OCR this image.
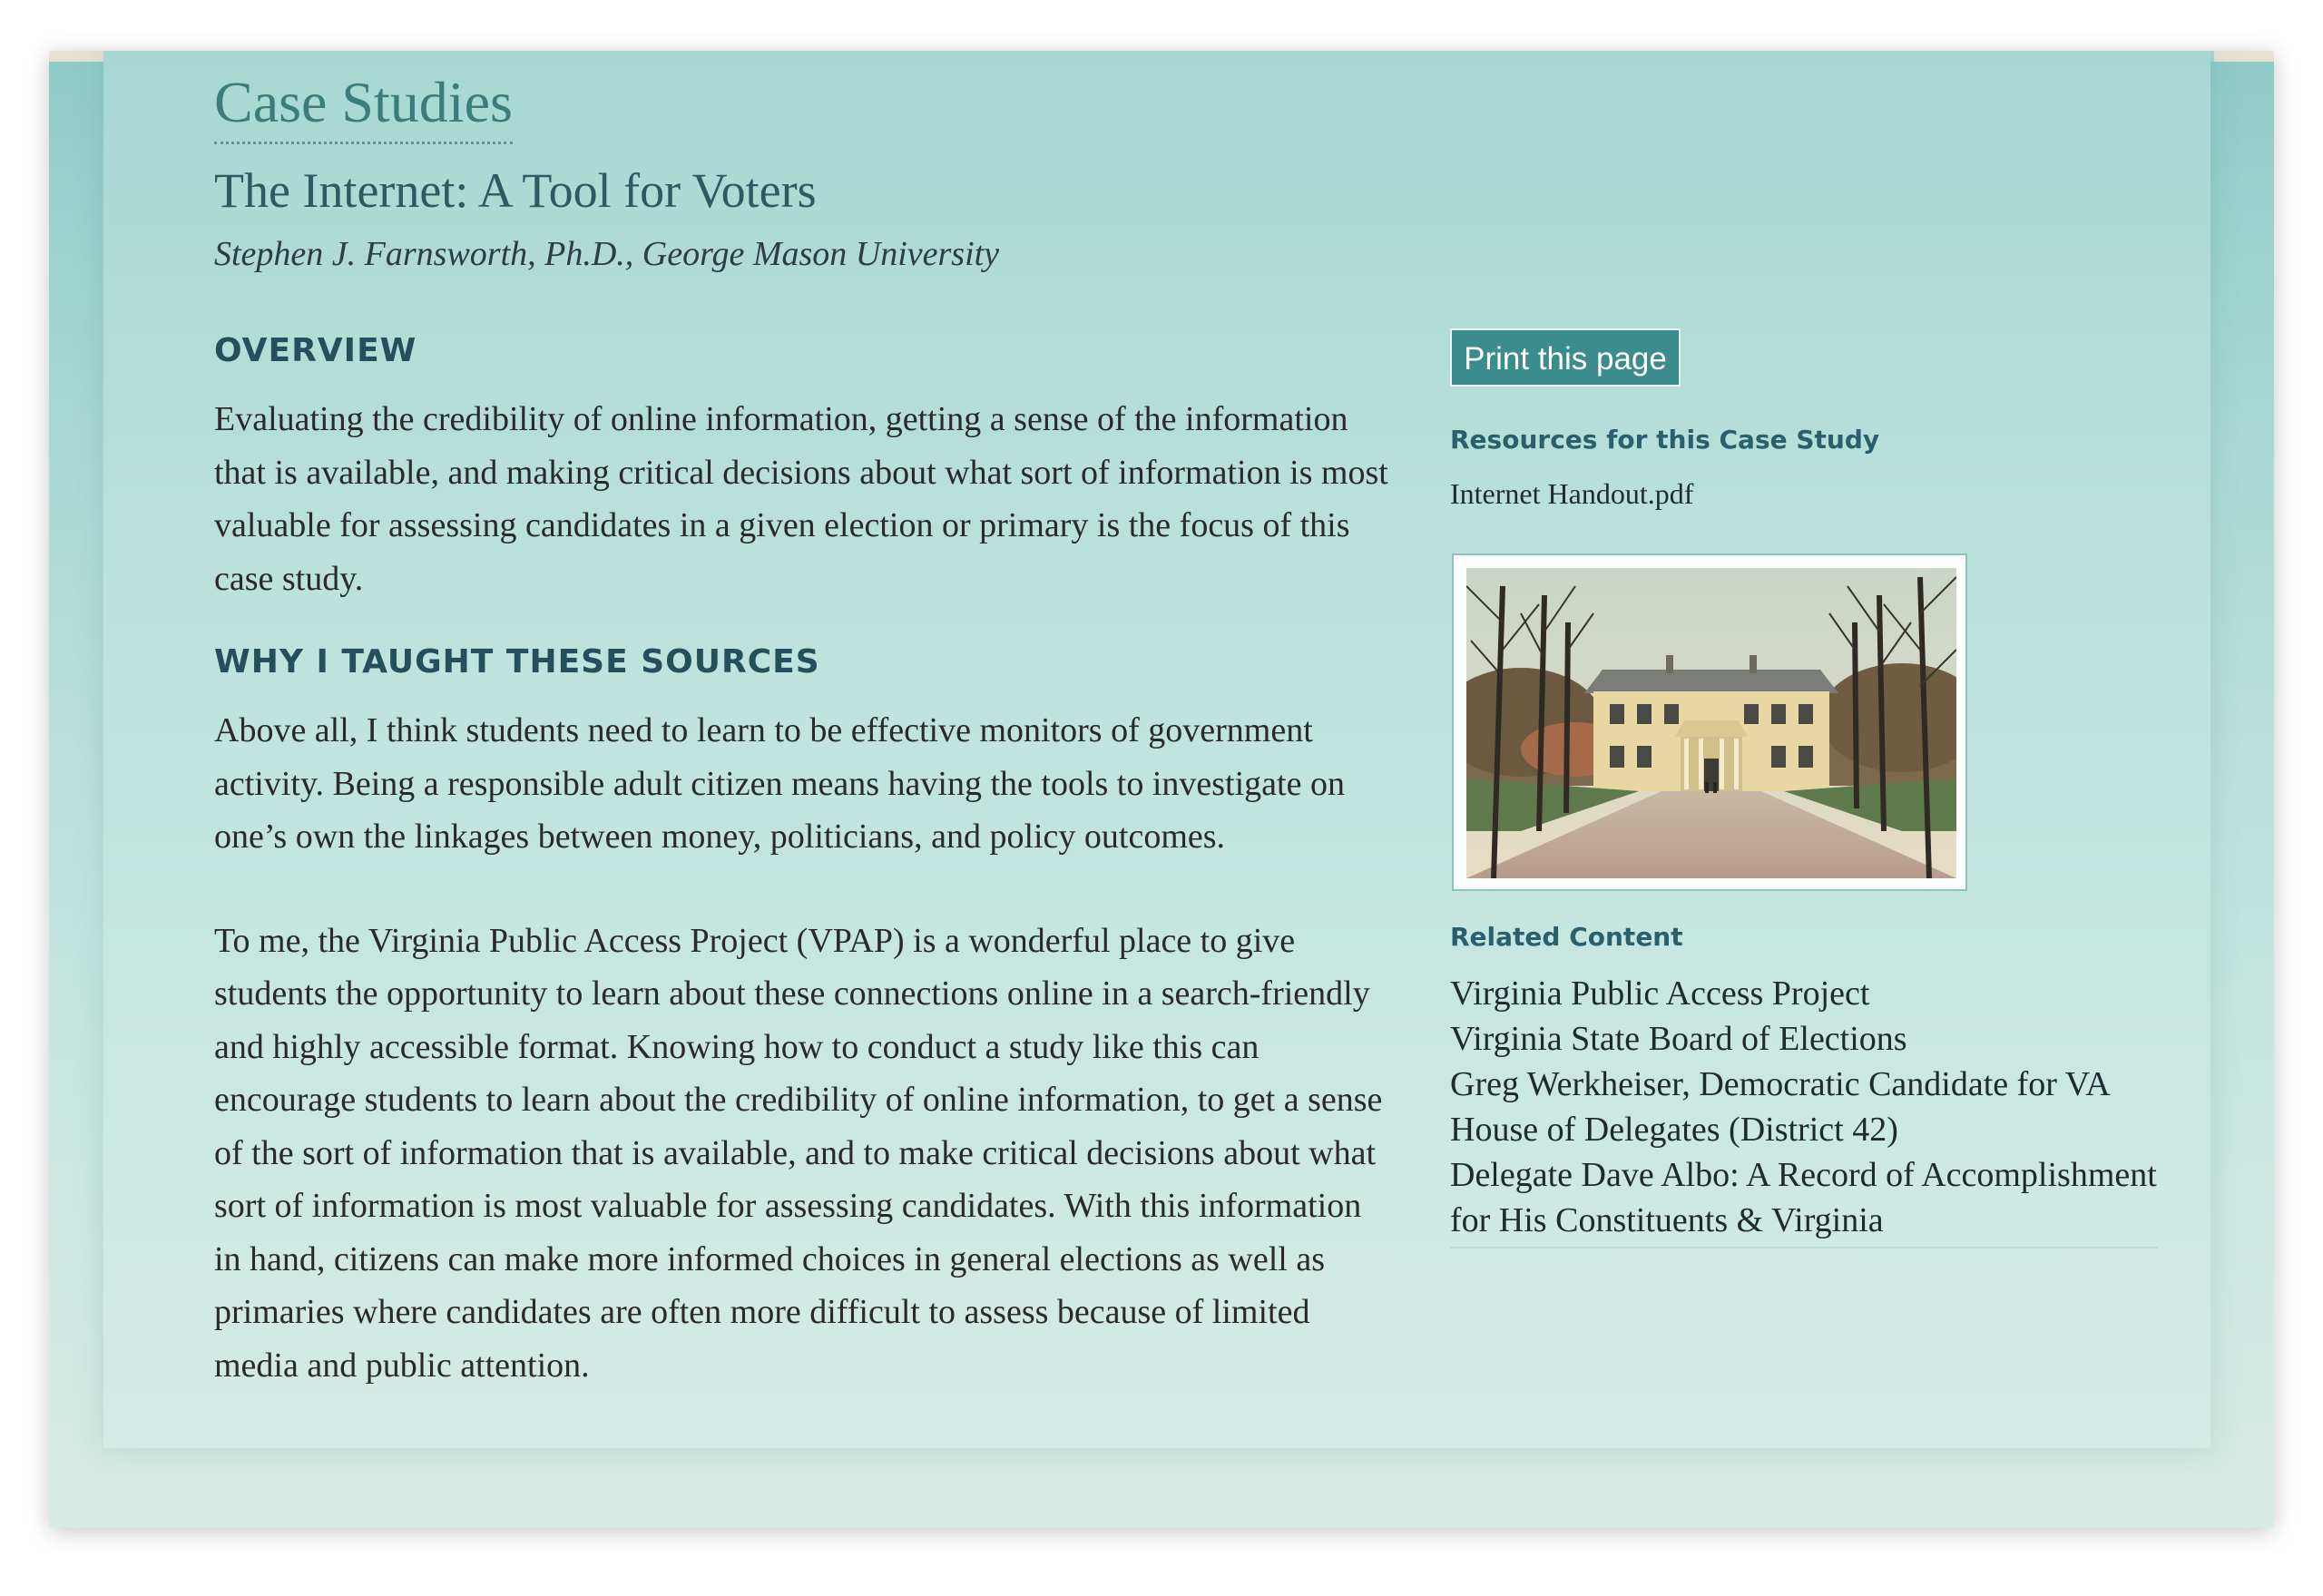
Case Studies
The Internet: A Tool for Voters
Stephen J. Farnsworth, Ph.D., George Mason University
OVERVIEW

Evaluating the credibility of online information, getting a sense of the information that is available, and making critical decisions about what sort of information is most valuable for assessing candidates in a given election or primary is the focus of this case study.

WHY I TAUGHT THESE SOURCES

Above all, I think students need to learn to be effective monitors of government activity. Being a responsible adult citizen means having the tools to investigate on one’s own the linkages between money, politicians, and policy outcomes.

To me, the Virginia Public Access Project (VPAP) is a wonderful place to give students the opportunity to learn about these connections online in a search-friendly and highly accessible format. Knowing how to conduct a study like this can encourage students to learn about the credibility of online information, to get a sense of the sort of information that is available, and to make critical decisions about what sort of information is most valuable for assessing candidates. With this information in hand, citizens can make more informed choices in general elections as well as primaries where candidates are often more difficult to assess because of limited media and public attention.

Print this page
Resources for this Case Study
Internet Handout.pdf
Related Content
Virginia Public Access Project
Virginia State Board of Elections
Greg Werkheiser, Democratic Candidate for VA House of Delegates (District 42)
Delegate Dave Albo: A Record of Accomplishment for His Constituents & Virginia
